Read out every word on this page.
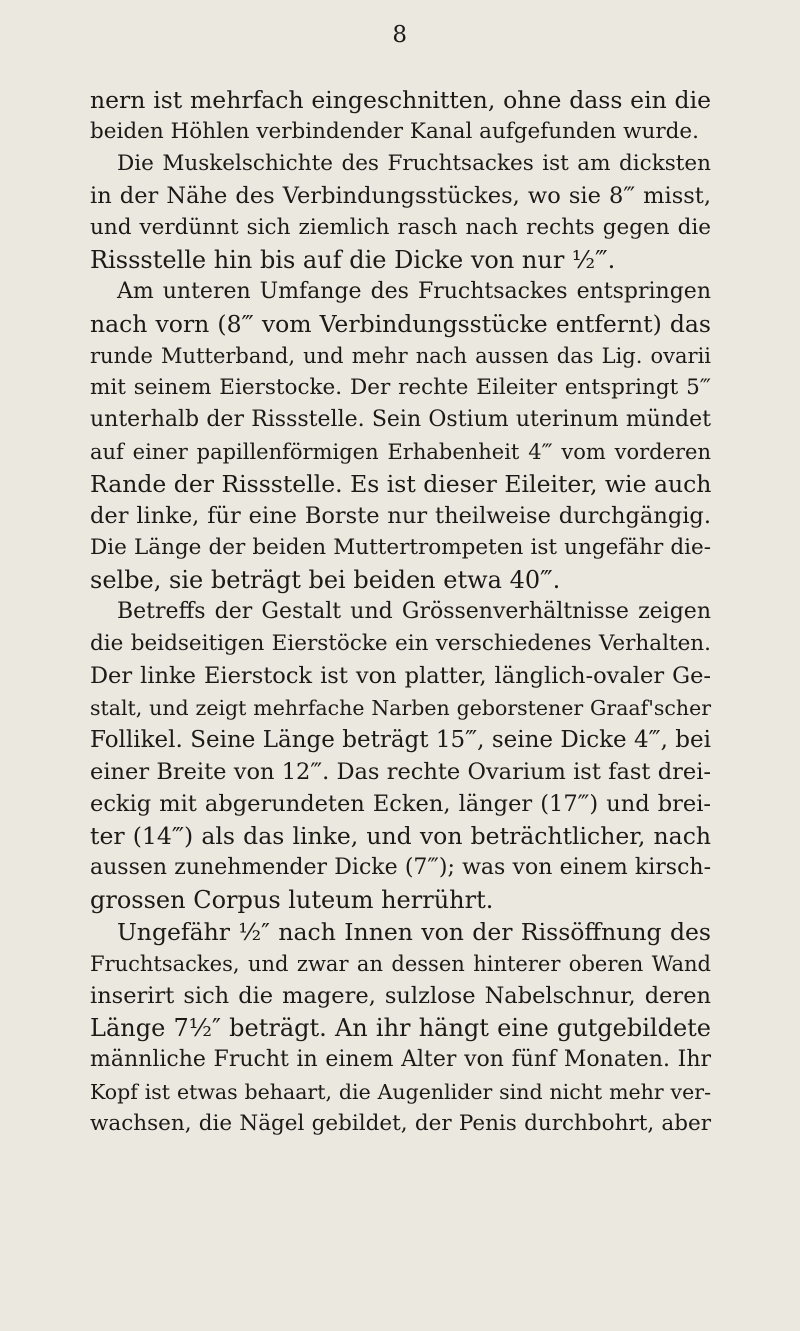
8
nern ist mehrfach eingeschnitten, ohne dass ein die
beiden Höhlen verbindender Kanal aufgefunden wurde.
Die Muskelschichte des Fruchtsackes ist am dicksten
in der Nähe des Verbindungsstückes, wo sie 8‴ misst,
und verdünnt sich ziemlich rasch nach rechts gegen die
Rissstelle hin bis auf die Dicke von nur ½‴.
Am unteren Umfange des Fruchtsackes entspringen
nach vorn (8‴ vom Verbindungsstücke entfernt) das
runde Mutterband, und mehr nach aussen das Lig. ovarii
mit seinem Eierstocke. Der rechte Eileiter entspringt 5‴
unterhalb der Rissstelle. Sein Ostium uterinum mündet
auf einer papillenförmigen Erhabenheit 4‴ vom vorderen
Rande der Rissstelle. Es ist dieser Eileiter, wie auch
der linke, für eine Borste nur theilweise durchgängig.
Die Länge der beiden Muttertrompeten ist ungefähr die-
selbe, sie beträgt bei beiden etwa 40‴.
Betreffs der Gestalt und Grössenverhältnisse zeigen
die beidseitigen Eierstöcke ein verschiedenes Verhalten.
Der linke Eierstock ist von platter, länglich-ovaler Ge-
stalt, und zeigt mehrfache Narben geborstener Graaf'scher
Follikel. Seine Länge beträgt 15‴, seine Dicke 4‴, bei
einer Breite von 12‴. Das rechte Ovarium ist fast drei-
eckig mit abgerundeten Ecken, länger (17‴) und brei-
ter (14‴) als das linke, und von beträchtlicher, nach
aussen zunehmender Dicke (7‴); was von einem kirsch-
grossen Corpus luteum herrührt.
Ungefähr ½″ nach Innen von der Rissöffnung des
Fruchtsackes, und zwar an dessen hinterer oberen Wand
inserirt sich die magere, sulzlose Nabelschnur, deren
Länge 7½″ beträgt. An ihr hängt eine gutgebildete
männliche Frucht in einem Alter von fünf Monaten. Ihr
Kopf ist etwas behaart, die Augenlider sind nicht mehr ver-
wachsen, die Nägel gebildet, der Penis durchbohrt, aber
